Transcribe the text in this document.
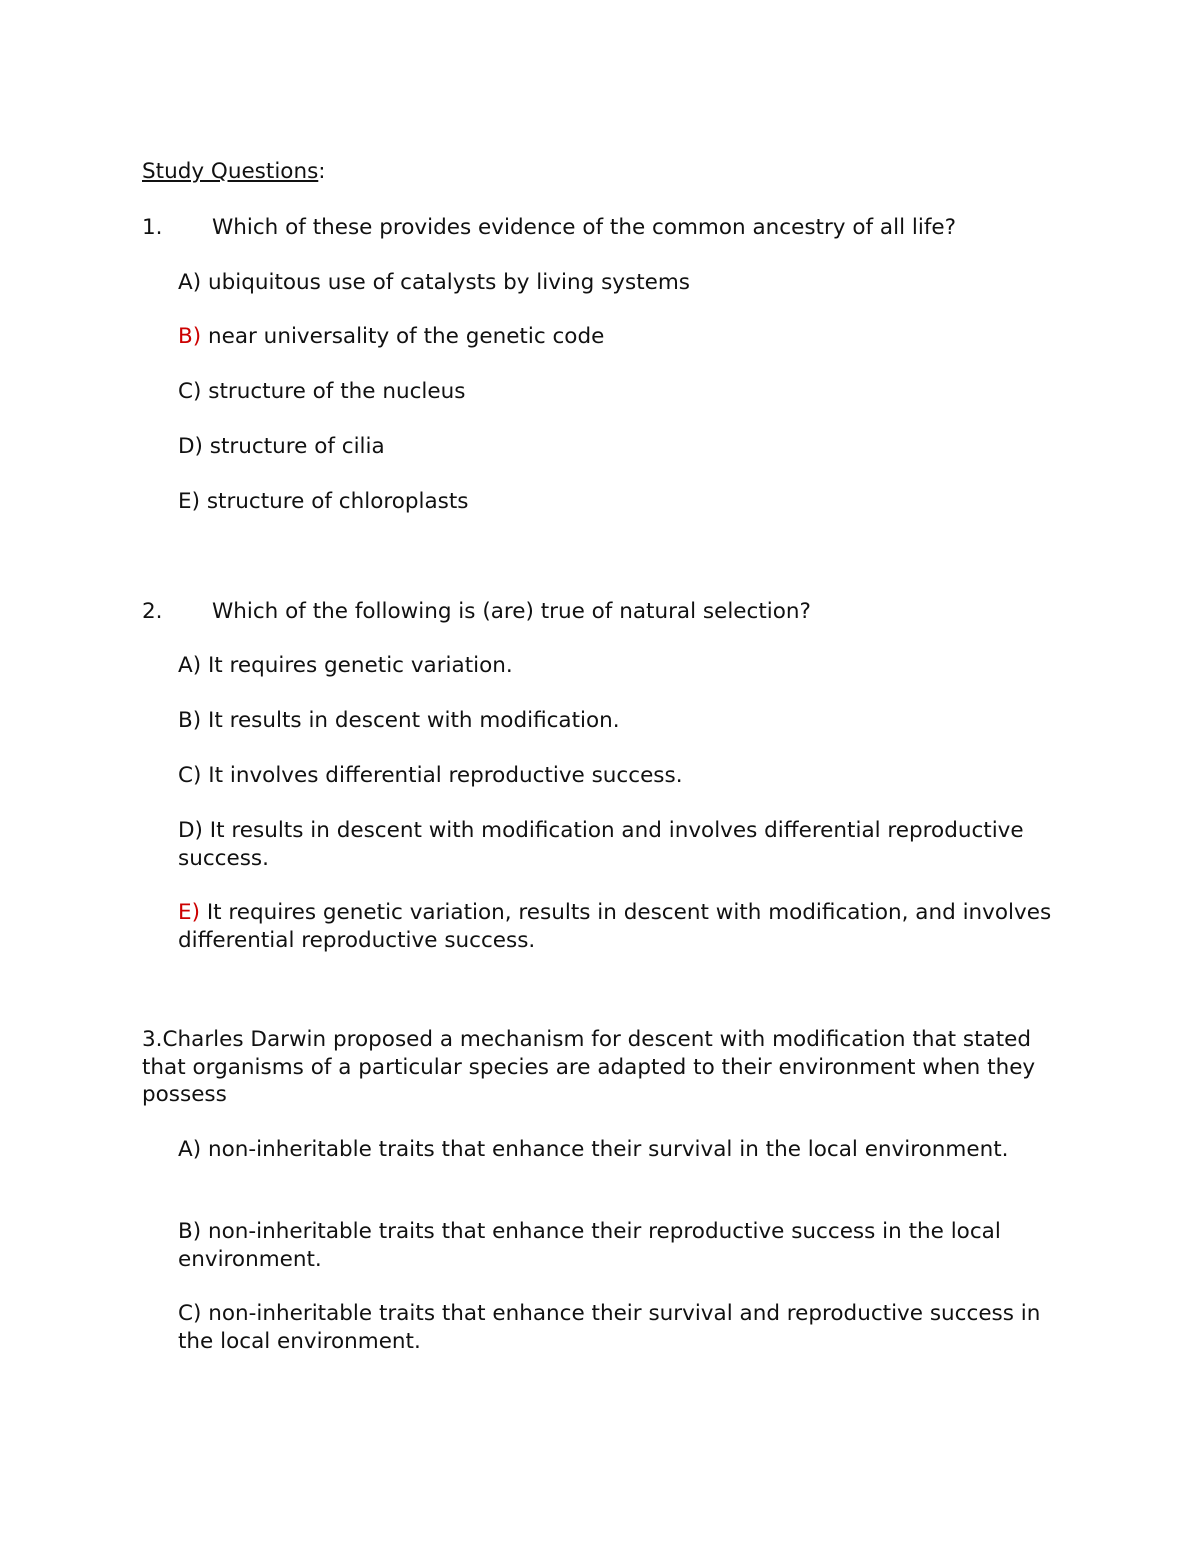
Study Questions:
1. Which of these provides evidence of the common ancestry of all life?
A) ubiquitous use of catalysts by living systems
B) near universality of the genetic code
C) structure of the nucleus
D) structure of cilia
E) structure of chloroplasts
2. Which of the following is (are) true of natural selection?
A) It requires genetic variation.
B) It results in descent with modification.
C) It involves differential reproductive success.
D) It results in descent with modification and involves differential reproductive success.
E) It requires genetic variation, results in descent with modification, and involves differential reproductive success.
3.Charles Darwin proposed a mechanism for descent with modification that stated that organisms of a particular species are adapted to their environment when they possess
A) non-inheritable traits that enhance their survival in the local environment.
B) non-inheritable traits that enhance their reproductive success in the local environment.
C) non-inheritable traits that enhance their survival and reproductive success in the local environment.
